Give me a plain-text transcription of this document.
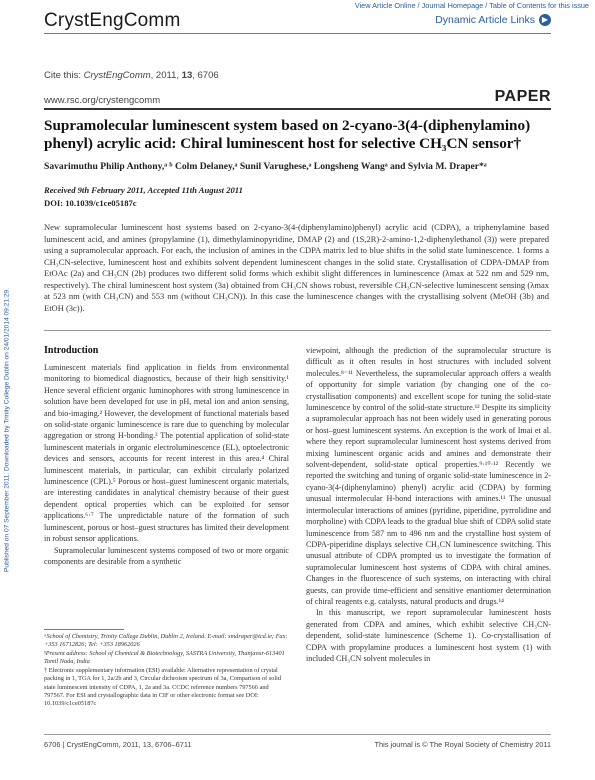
View Article Online / Journal Homepage / Table of Contents for this issue
CrystEngComm	Dynamic Article Links ▶
Cite this: CrystEngComm, 2011, 13, 6706
www.rsc.org/crystengcomm	PAPER
Supramolecular luminescent system based on 2-cyano-3(4-(diphenylamino) phenyl) acrylic acid: Chiral luminescent host for selective CH₃CN sensor†
Savarimuthu Philip Anthony,ᵃ ᵇ Colm Delaney,ᵃ Sunil Varughese,ᵃ Longsheng Wangᵃ and Sylvia M. Draper*ᵃ
Received 9th February 2011, Accepted 11th August 2011
DOI: 10.1039/c1ce05187c
New supramolecular luminescent host systems based on 2-cyano-3(4-(diphenylamino)phenyl) acrylic acid (CDPA), a triphenylamine based luminescent acid, and amines (propylamine (1), dimethylaminopyridine, DMAP (2) and (1S,2R)-2-amino-1,2-diphenylethanol (3)) were prepared using a supramolecular approach. For each, the inclusion of amines in the CDPA matrix led to blue shifts in the solid state luminescence. 1 forms a CH₃CN-selective, luminescent host and exhibits solvent dependent luminescent changes in the solid state. Crystallisation of CDPA-DMAP from EtOAc (2a) and CH₃CN (2b) produces two different solid forms which exhibit slight differences in luminescence (λmax at 522 nm and 529 nm, respectively). The chiral luminescent host system (3a) obtained from CH₃CN shows robust, reversible CH₃CN-selective luminescent sensing (λmax at 523 nm (with CH₃CN) and 553 nm (without CH₃CN)). In this case the luminescence changes with the crystallising solvent (MeOH (3b) and EtOH (3c)).
Published on 07 September 2011. Downloaded by Trinity College Dublin on 24/01/2014 09:21:29.	Introduction

Luminescent materials find application in fields from environmental monitoring to biomedical diagnostics, because of their high sensitivity.¹ Hence several efficient organic luminophores with strong luminescence in solution have been developed for use in pH, metal ion and anion sensing, and bio-imaging.² However, the development of functional materials based on solid-state organic luminescence is rare due to quenching by molecular aggregation or strong H-bonding.³ The potential application of solid-state luminescent materials in organic electroluminescence (EL), optoelectronic devices and sensors, accounts for recent interest in this area.⁴ Chiral luminescent materials, in particular, can exhibit circularly polarized luminescence (CPL).⁵ Porous or host–guest luminescent organic materials, are interesting candidates in analytical chemistry because of their guest dependent optical properties which can be exploited for sensor applications.⁶·⁷ The unpredictable nature of the formation of such luminescent, porous or host–guest structures has limited their development in robust sensor applications.

Supramolecular luminescent systems composed of two or more organic components are desirable from a synthetic

viewpoint, although the prediction of the supramolecular structure is difficult as it often results in host structures with included solvent molecules.⁸⁻¹¹ Nevertheless, the supramolecular approach offers a wealth of opportunity for simple variation (by changing one of the co-crystallisation components) and excellent scope for tuning the solid-state luminescence by control of the solid-state structure.¹² Despite its simplicity a supramolecular approach has not been widely used in generating porous or host–guest luminescent systems. An exception is the work of Imai et al. where they report supramolecular luminescent host systems derived from mixing luminescent organic acids and amines and demonstrate their solvent-dependent, solid-state optical properties.⁹·¹⁰·¹² Recently we reported the switching and tuning of organic solid-state luminescence in 2-cyano-3(4-(diphenylamino) phenyl) acrylic acid (CDPA) by forming unusual intermolecular H-bond interactions with amines.¹¹ The unusual intermolecular interactions of amines (pyridine, piperidine, pyrrolidine and morpholine) with CDPA leads to the gradual blue shift of CDPA solid state luminescence from 587 nm to 496 nm and the crystalline host system of CDPA-piperidine displays selective CH₃CN luminescence switching. This unusual attribute of CDPA prompted us to investigate the formation of supramolecular luminescent host systems of CDPA with chiral amines. Changes in the fluorescence of such systems, on interacting with chiral guests, can provide time-efficient and sensitive enantiomer determination of chiral reagents e.g. catalysts, natural products and drugs.¹⁴

In this manuscript, we report supramolecular luminescent hosts generated from CDPA and amines, which exhibit selective CH₃CN-dependent, solid-state luminescence (Scheme 1). Co-crystallisation of CDPA with propylamine produces a luminescent host system (1) with included CH₃CN solvent molecules in

ᵃSchool of Chemistry, Trinity College Dublin, Dublin 2, Ireland. E-mail: smdraper@tcd.ie; Fax: +353 16712826; Tel: +353 18962026

ᵇPresent address: School of Chemical & Biotechnology, SASTRA University, Thanjavur-613401 Tamil Nadu, India

† Electronic supplementary information (ESI) available: Alternative representation of crystal packing in 1, TGA for 1, 2a/2b and 3, Circular dichroism spectrum of 3a, Comparison of solid state luminescent intensity of CDPA, 1, 2a and 3a. CCDC reference numbers 797566 and 797567. For ESI and crystallographic data in CIF or other electronic format see DOI: 10.1039/c1ce05187c

6706 | CrystEngComm, 2011, 13, 6706–6711	This journal is © The Royal Society of Chemistry 2011
